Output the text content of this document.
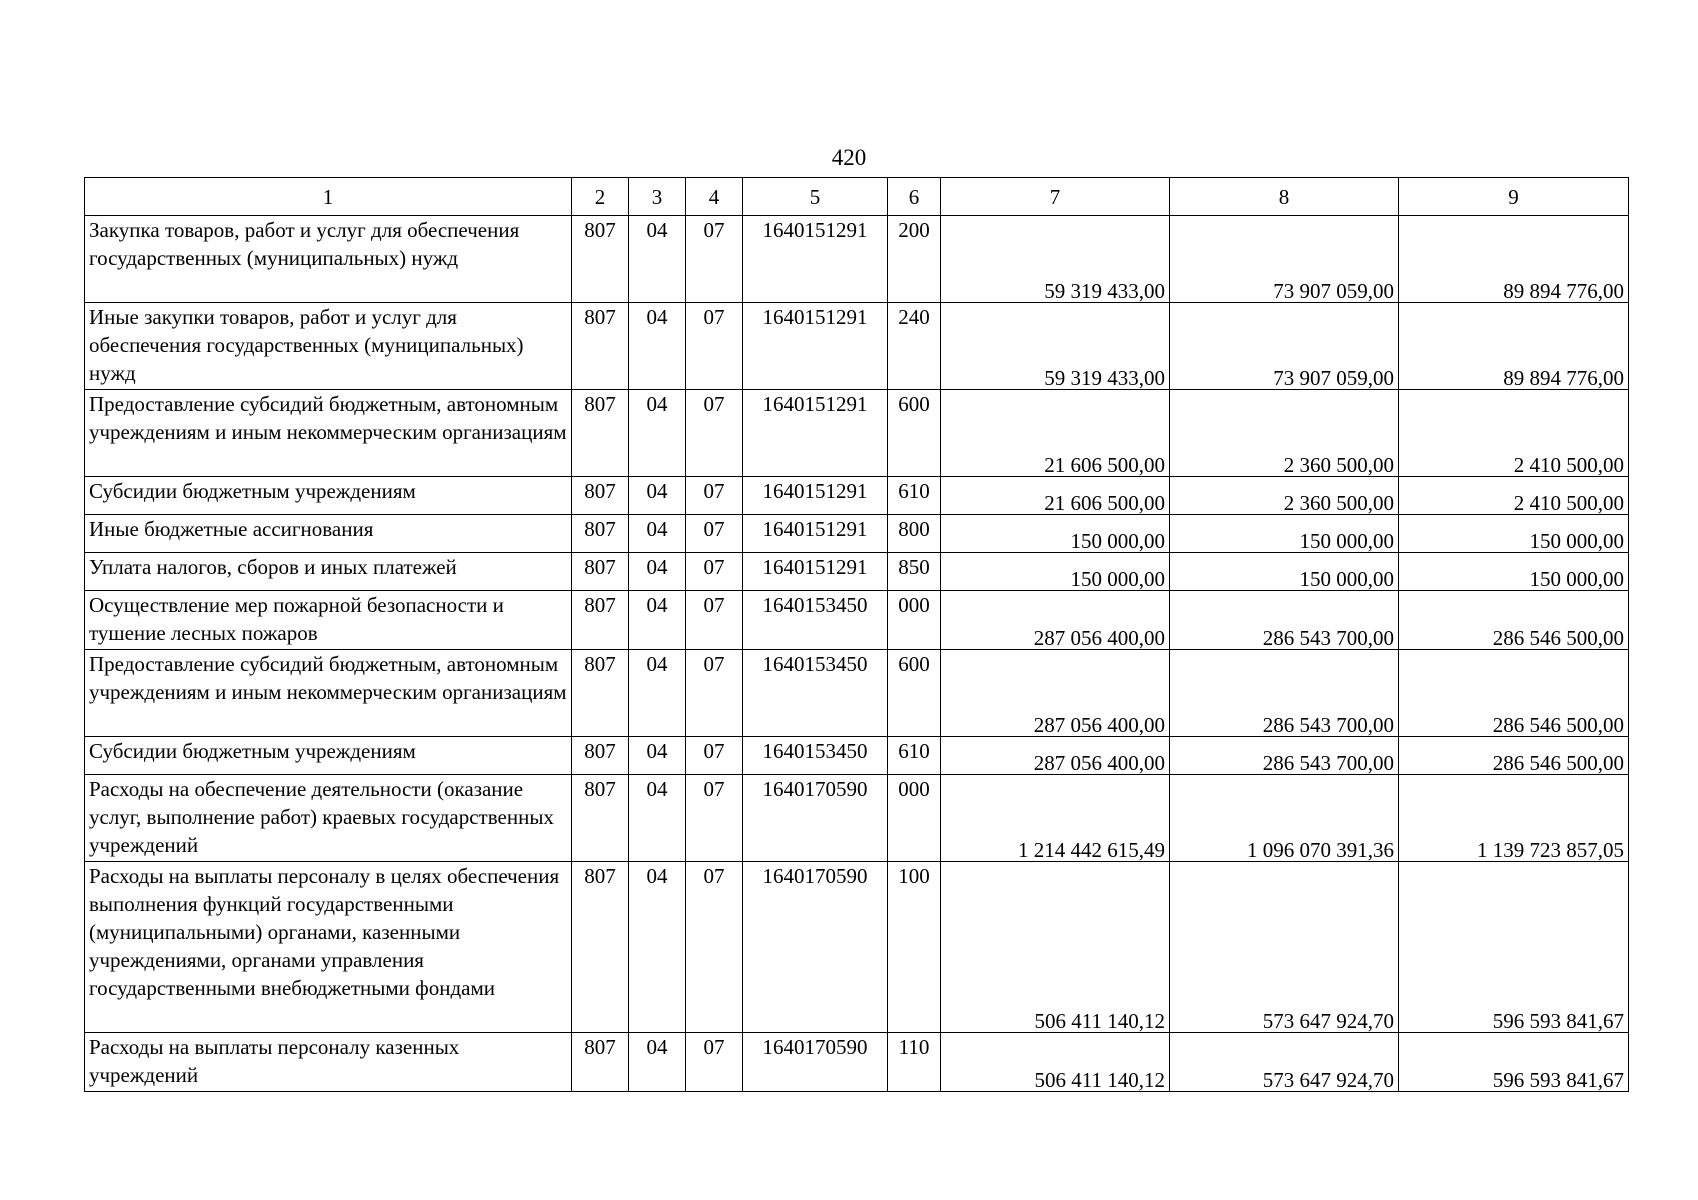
420
1	2	3	4	5	6	7	8	9
Закупка товаров, работ и услуг для обеспечения государственных (муниципальных) нужд	807	04	07	1640151291	200	59 319 433,00	73 907 059,00	89 894 776,00
Иные закупки товаров, работ и услуг для обеспечения государственных (муниципальных) нужд	807	04	07	1640151291	240	59 319 433,00	73 907 059,00	89 894 776,00
Предоставление субсидий бюджетным, автономным учреждениям и иным некоммерческим организациям	807	04	07	1640151291	600	21 606 500,00	2 360 500,00	2 410 500,00
Субсидии бюджетным учреждениям	807	04	07	1640151291	610	21 606 500,00	2 360 500,00	2 410 500,00
Иные бюджетные ассигнования	807	04	07	1640151291	800	150 000,00	150 000,00	150 000,00
Уплата налогов, сборов и иных платежей	807	04	07	1640151291	850	150 000,00	150 000,00	150 000,00
Осуществление мер пожарной безопасности и тушение лесных пожаров	807	04	07	1640153450	000	287 056 400,00	286 543 700,00	286 546 500,00
Предоставление субсидий бюджетным, автономным учреждениям и иным некоммерческим организациям	807	04	07	1640153450	600	287 056 400,00	286 543 700,00	286 546 500,00
Субсидии бюджетным учреждениям	807	04	07	1640153450	610	287 056 400,00	286 543 700,00	286 546 500,00
Расходы на обеспечение деятельности (оказание услуг, выполнение работ) краевых государственных учреждений	807	04	07	1640170590	000	1 214 442 615,49	1 096 070 391,36	1 139 723 857,05
Расходы на выплаты персоналу в целях обеспечения выполнения функций государственными (муниципальными) органами, казенными учреждениями, органами управления государственными внебюджетными фондами	807	04	07	1640170590	100	506 411 140,12	573 647 924,70	596 593 841,67
Расходы на выплаты персоналу казенных учреждений	807	04	07	1640170590	110	506 411 140,12	573 647 924,70	596 593 841,67
